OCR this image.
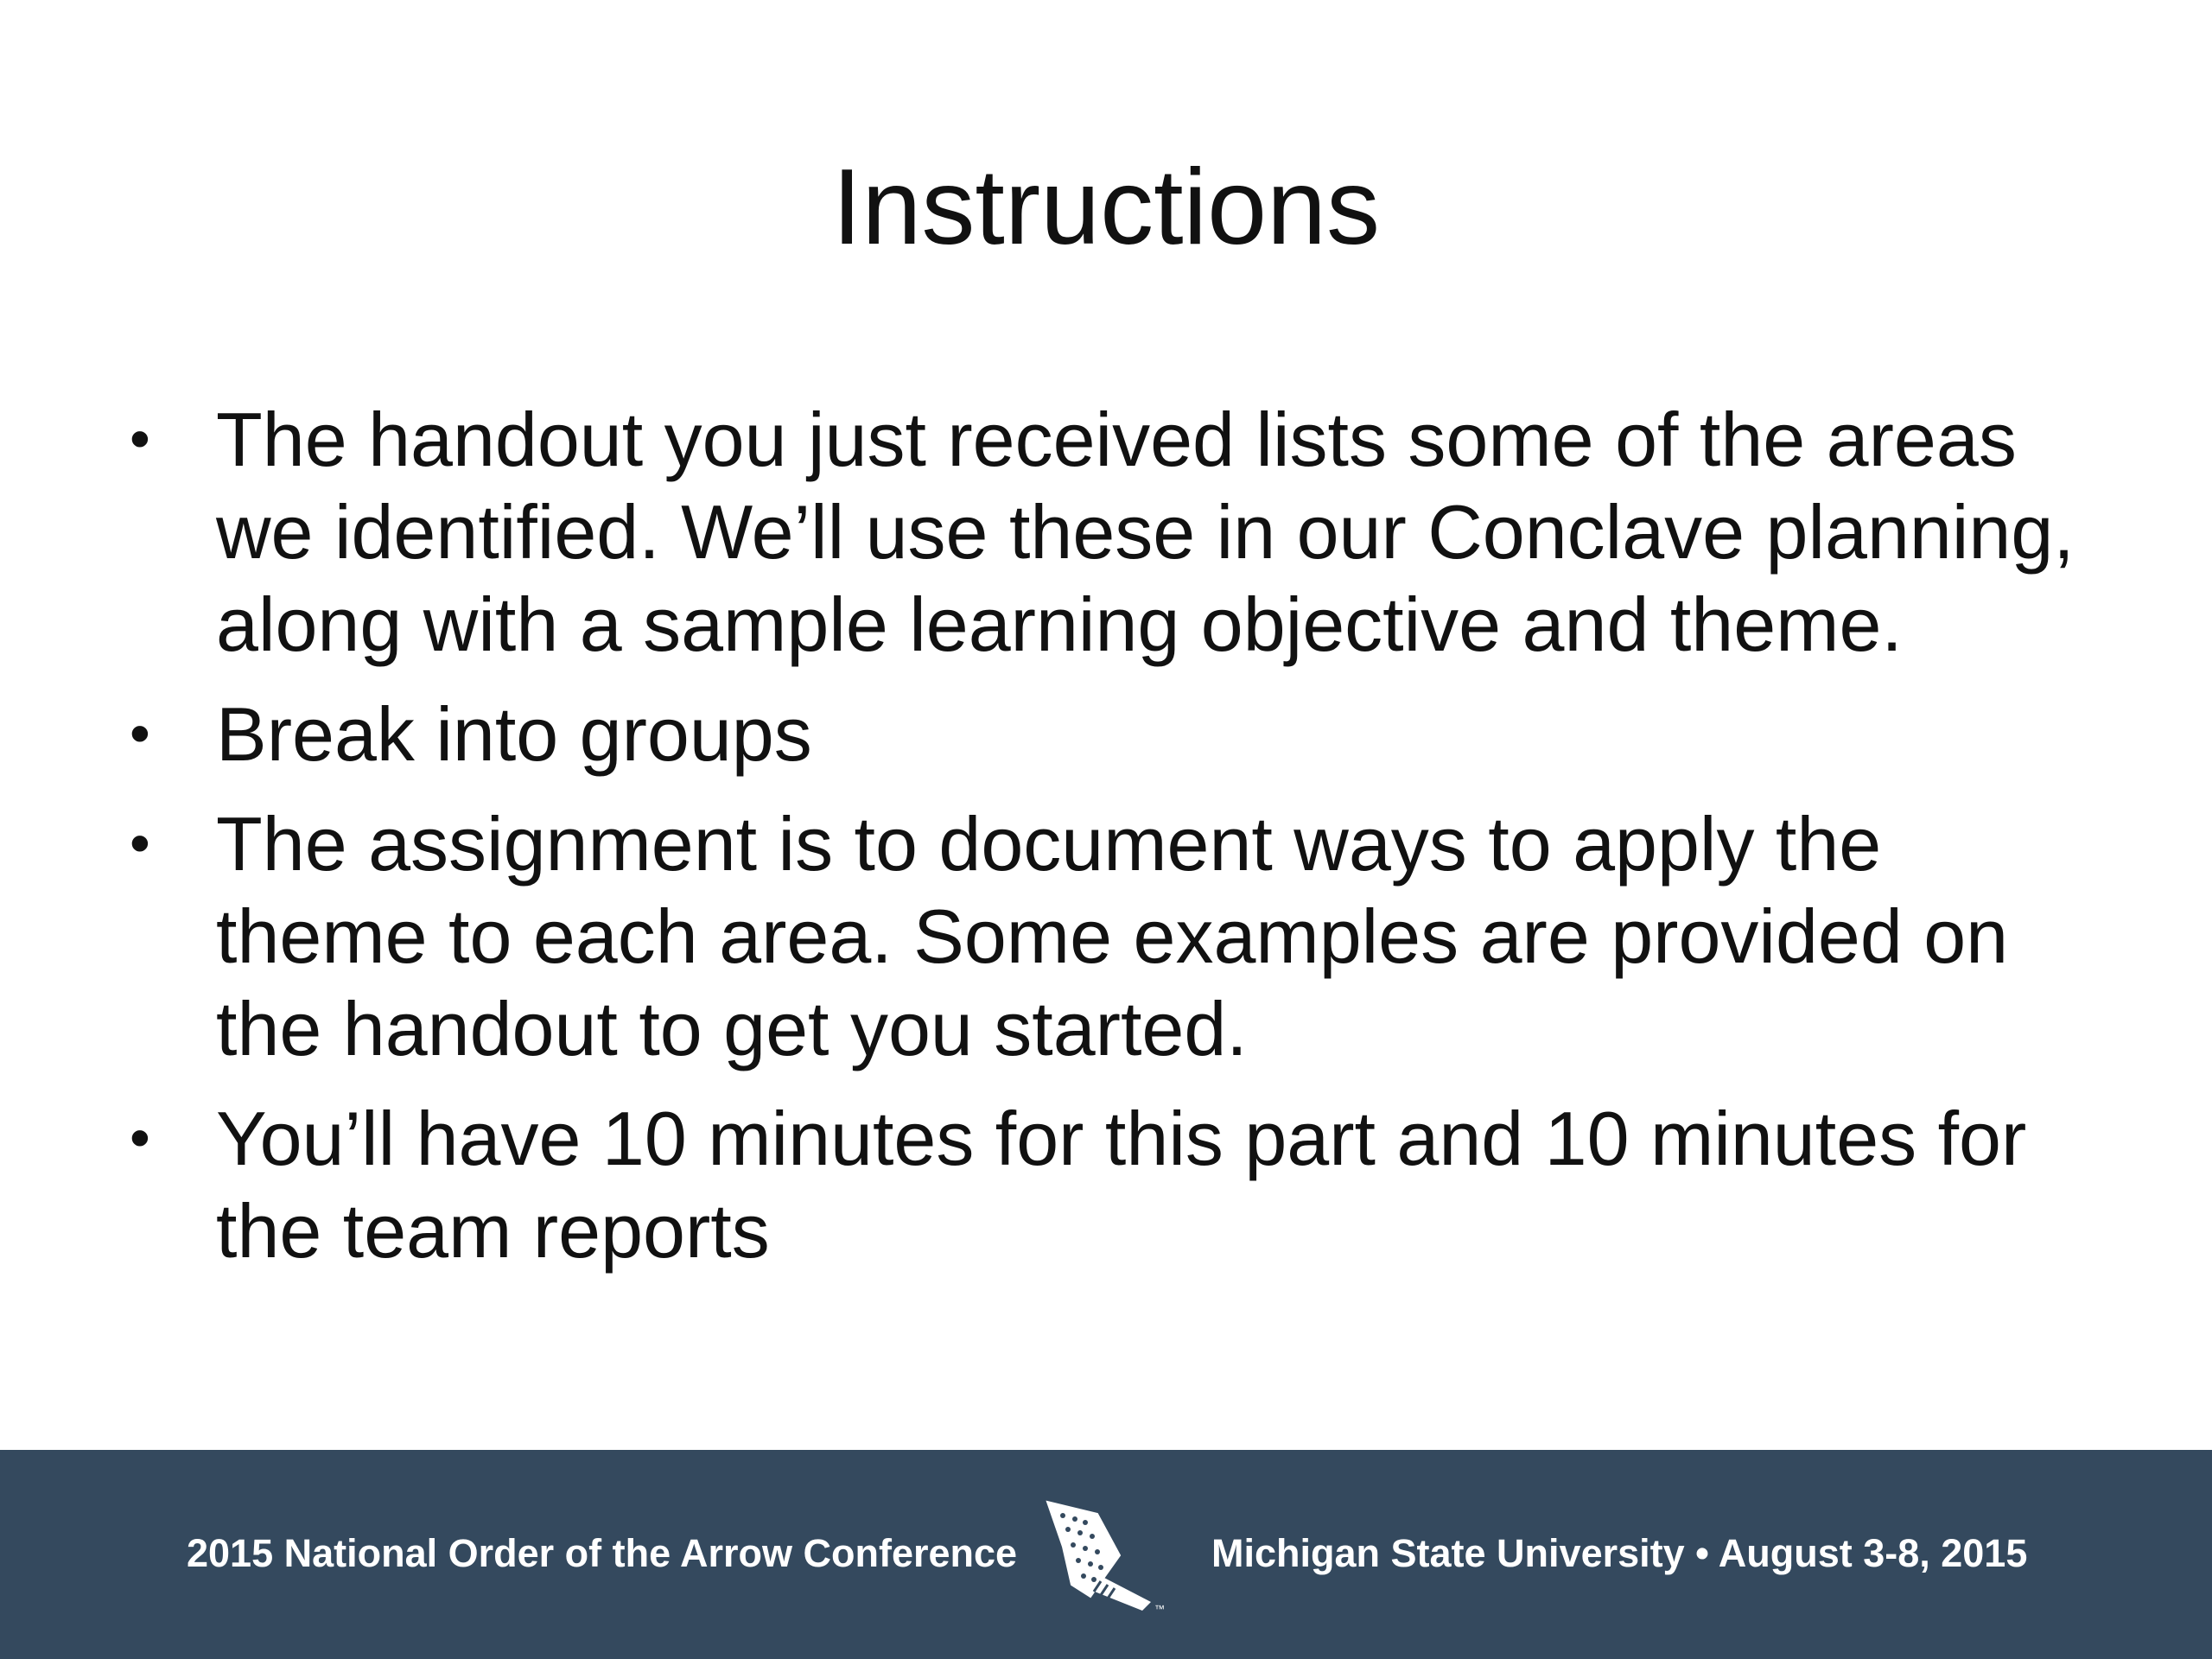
Instructions
• The handout you just received lists some of the areas we identified. We’ll use these in our Conclave planning, along with a sample learning objective and theme.
• Break into groups
• The assignment is to document ways to apply the theme to each area. Some examples are provided on the handout to get you started.
• You’ll have 10 minutes for this part and 10 minutes for the team reports
2015 National Order of the Arrow Conference
™
Michigan State University • August 3-8, 2015
